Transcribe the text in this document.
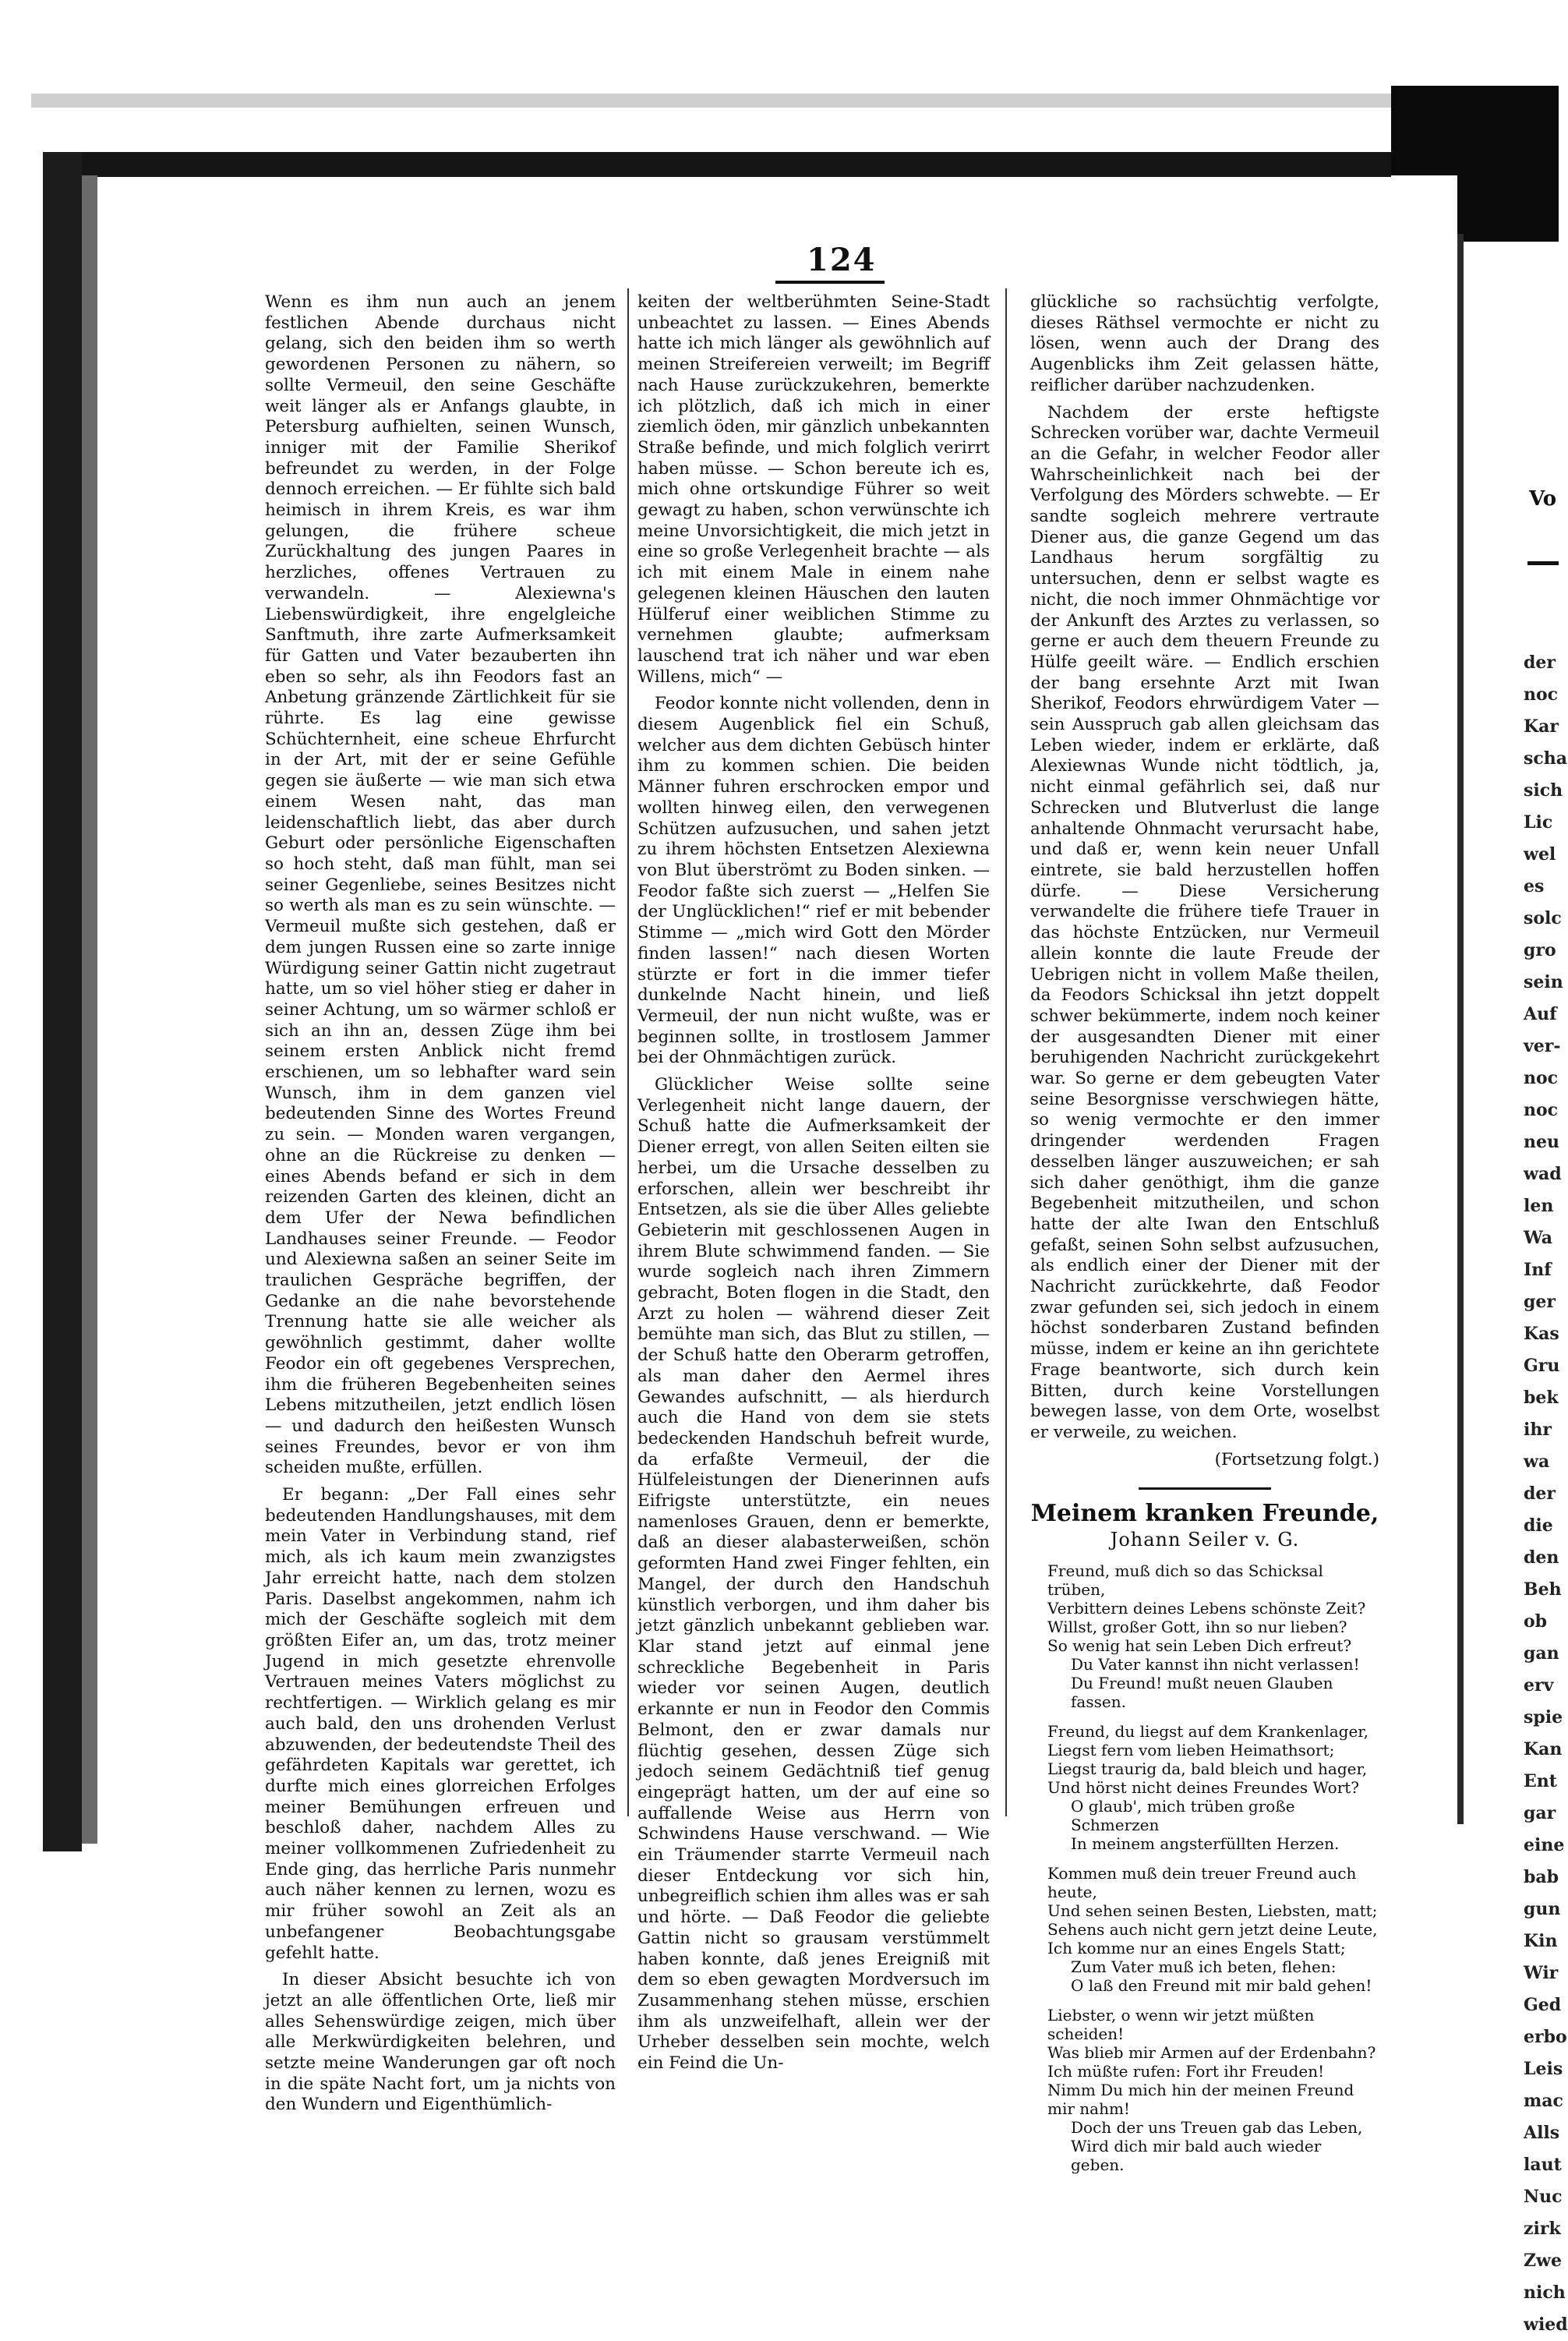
124

Wenn es ihm nun auch an jenem festlichen Abende durchaus nicht gelang, sich den beiden ihm so werth gewordenen Personen zu nähern, so sollte Vermeuil, den seine Geschäfte weit länger als er Anfangs glaubte, in Petersburg aufhielten, seinen Wunsch, inniger mit der Familie Sherikof befreundet zu werden, in der Folge dennoch erreichen. — Er fühlte sich bald heimisch in ihrem Kreis, es war ihm gelungen, die frühere scheue Zurückhaltung des jungen Paares in herzliches, offenes Vertrauen zu verwandeln. — Alexiewna's Liebenswürdigkeit, ihre engelgleiche Sanftmuth, ihre zarte Aufmerksamkeit für Gatten und Vater bezauberten ihn eben so sehr, als ihn Feodors fast an Anbetung gränzende Zärtlichkeit für sie rührte. Es lag eine gewisse Schüchternheit, eine scheue Ehrfurcht in der Art, mit der er seine Gefühle gegen sie äußerte — wie man sich etwa einem Wesen naht, das man leidenschaftlich liebt, das aber durch Geburt oder persönliche Eigenschaften so hoch steht, daß man fühlt, man sei seiner Gegenliebe, seines Besitzes nicht so werth als man es zu sein wünschte. — Vermeuil mußte sich gestehen, daß er dem jungen Russen eine so zarte innige Würdigung seiner Gattin nicht zugetraut hatte, um so viel höher stieg er daher in seiner Achtung, um so wärmer schloß er sich an ihn an, dessen Züge ihm bei seinem ersten Anblick nicht fremd erschienen, um so lebhafter ward sein Wunsch, ihm in dem ganzen viel bedeutenden Sinne des Wortes Freund zu sein. — Monden waren vergangen, ohne an die Rückreise zu denken — eines Abends befand er sich in dem reizenden Garten des kleinen, dicht an dem Ufer der Newa befindlichen Landhauses seiner Freunde. — Feodor und Alexiewna saßen an seiner Seite im traulichen Gespräche begriffen, der Gedanke an die nahe bevorstehende Trennung hatte sie alle weicher als gewöhnlich gestimmt, daher wollte Feodor ein oft gegebenes Versprechen, ihm die früheren Begebenheiten seines Lebens mitzutheilen, jetzt endlich lösen — und dadurch den heißesten Wunsch seines Freundes, bevor er von ihm scheiden mußte, erfüllen.

Er begann: „Der Fall eines sehr bedeutenden Handlungshauses, mit dem mein Vater in Verbindung stand, rief mich, als ich kaum mein zwanzigstes Jahr erreicht hatte, nach dem stolzen Paris. Daselbst angekommen, nahm ich mich der Geschäfte sogleich mit dem größten Eifer an, um das, trotz meiner Jugend in mich gesetzte ehrenvolle Vertrauen meines Vaters möglichst zu rechtfertigen. — Wirklich gelang es mir auch bald, den uns drohenden Verlust abzuwenden, der bedeutendste Theil des gefährdeten Kapitals war gerettet, ich durfte mich eines glorreichen Erfolges meiner Bemühungen erfreuen und beschloß daher, nachdem Alles zu meiner vollkommenen Zufriedenheit zu Ende ging, das herrliche Paris nunmehr auch näher kennen zu lernen, wozu es mir früher sowohl an Zeit als an unbefangener Beobachtungsgabe gefehlt hatte.

In dieser Absicht besuchte ich von jetzt an alle öffentlichen Orte, ließ mir alles Sehenswürdige zeigen, mich über alle Merkwürdigkeiten belehren, und setzte meine Wanderungen gar oft noch in die späte Nacht fort, um ja nichts von den Wundern und Eigenthümlich-

keiten der weltberühmten Seine-Stadt unbeachtet zu lassen. — Eines Abends hatte ich mich länger als gewöhnlich auf meinen Streifereien verweilt; im Begriff nach Hause zurückzukehren, bemerkte ich plötzlich, daß ich mich in einer ziemlich öden, mir gänzlich unbekannten Straße befinde, und mich folglich verirrt haben müsse. — Schon bereute ich es, mich ohne ortskundige Führer so weit gewagt zu haben, schon verwünschte ich meine Unvorsichtigkeit, die mich jetzt in eine so große Verlegenheit brachte — als ich mit einem Male in einem nahe gelegenen kleinen Häuschen den lauten Hülferuf einer weiblichen Stimme zu vernehmen glaubte; aufmerksam lauschend trat ich näher und war eben Willens, mich“ —

Feodor konnte nicht vollenden, denn in diesem Augenblick fiel ein Schuß, welcher aus dem dichten Gebüsch hinter ihm zu kommen schien. Die beiden Männer fuhren erschrocken empor und wollten hinweg eilen, den verwegenen Schützen aufzusuchen, und sahen jetzt zu ihrem höchsten Entsetzen Alexiewna von Blut überströmt zu Boden sinken. — Feodor faßte sich zuerst — „Helfen Sie der Unglücklichen!“ rief er mit bebender Stimme — „mich wird Gott den Mörder finden lassen!“ nach diesen Worten stürzte er fort in die immer tiefer dunkelnde Nacht hinein, und ließ Vermeuil, der nun nicht wußte, was er beginnen sollte, in trostlosem Jammer bei der Ohnmächtigen zurück.

Glücklicher Weise sollte seine Verlegenheit nicht lange dauern, der Schuß hatte die Aufmerksamkeit der Diener erregt, von allen Seiten eilten sie herbei, um die Ursache desselben zu erforschen, allein wer beschreibt ihr Entsetzen, als sie die über Alles geliebte Gebieterin mit geschlossenen Augen in ihrem Blute schwimmend fanden. — Sie wurde sogleich nach ihren Zimmern gebracht, Boten flogen in die Stadt, den Arzt zu holen — während dieser Zeit bemühte man sich, das Blut zu stillen, — der Schuß hatte den Oberarm getroffen, als man daher den Aermel ihres Gewandes aufschnitt, — als hierdurch auch die Hand von dem sie stets bedeckenden Handschuh befreit wurde, da erfaßte Vermeuil, der die Hülfeleistungen der Dienerinnen aufs Eifrigste unterstützte, ein neues namenloses Grauen, denn er bemerkte, daß an dieser alabasterweißen, schön geformten Hand zwei Finger fehlten, ein Mangel, der durch den Handschuh künstlich verborgen, und ihm daher bis jetzt gänzlich unbekannt geblieben war. Klar stand jetzt auf einmal jene schreckliche Begebenheit in Paris wieder vor seinen Augen, deutlich erkannte er nun in Feodor den Commis Belmont, den er zwar damals nur flüchtig gesehen, dessen Züge sich jedoch seinem Gedächtniß tief genug eingeprägt hatten, um der auf eine so auffallende Weise aus Herrn von Schwindens Hause verschwand. — Wie ein Träumender starrte Vermeuil nach dieser Entdeckung vor sich hin, unbegreiflich schien ihm alles was er sah und hörte. — Daß Feodor die geliebte Gattin nicht so grausam verstümmelt haben konnte, daß jenes Ereigniß mit dem so eben gewagten Mordversuch im Zusammenhang stehen müsse, erschien ihm als unzweifelhaft, allein wer der Urheber desselben sein mochte, welch ein Feind die Un-

glückliche so rachsüchtig verfolgte, dieses Räthsel vermochte er nicht zu lösen, wenn auch der Drang des Augenblicks ihm Zeit gelassen hätte, reiflicher darüber nachzudenken.

Nachdem der erste heftigste Schrecken vorüber war, dachte Vermeuil an die Gefahr, in welcher Feodor aller Wahrscheinlichkeit nach bei der Verfolgung des Mörders schwebte. — Er sandte sogleich mehrere vertraute Diener aus, die ganze Gegend um das Landhaus herum sorgfältig zu untersuchen, denn er selbst wagte es nicht, die noch immer Ohnmächtige vor der Ankunft des Arztes zu verlassen, so gerne er auch dem theuern Freunde zu Hülfe geeilt wäre. — Endlich erschien der bang ersehnte Arzt mit Iwan Sherikof, Feodors ehrwürdigem Vater — sein Ausspruch gab allen gleichsam das Leben wieder, indem er erklärte, daß Alexiewnas Wunde nicht tödtlich, ja, nicht einmal gefährlich sei, daß nur Schrecken und Blutverlust die lange anhaltende Ohnmacht verursacht habe, und daß er, wenn kein neuer Unfall eintrete, sie bald herzustellen hoffen dürfe. — Diese Versicherung verwandelte die frühere tiefe Trauer in das höchste Entzücken, nur Vermeuil allein konnte die laute Freude der Uebrigen nicht in vollem Maße theilen, da Feodors Schicksal ihn jetzt doppelt schwer bekümmerte, indem noch keiner der ausgesandten Diener mit einer beruhigenden Nachricht zurückgekehrt war. So gerne er dem gebeugten Vater seine Besorgnisse verschwiegen hätte, so wenig vermochte er den immer dringender werdenden Fragen desselben länger auszuweichen; er sah sich daher genöthigt, ihm die ganze Begebenheit mitzutheilen, und schon hatte der alte Iwan den Entschluß gefaßt, seinen Sohn selbst aufzusuchen, als endlich einer der Diener mit der Nachricht zurückkehrte, daß Feodor zwar gefunden sei, sich jedoch in einem höchst sonderbaren Zustand befinden müsse, indem er keine an ihn gerichtete Frage beantworte, sich durch kein Bitten, durch keine Vorstellungen bewegen lasse, von dem Orte, woselbst er verweile, zu weichen.

(Fortsetzung folgt.)
Meinem kranken Freunde,
Johann Seiler v. G.
Freund, muß dich so das Schicksal trüben,
Verbittern deines Lebens schönste Zeit?
Willst, großer Gott, ihn so nur lieben?
So wenig hat sein Leben Dich erfreut?
Du Vater kannst ihn nicht verlassen!
Du Freund! mußt neuen Glauben fassen.
Freund, du liegst auf dem Krankenlager,
Liegst fern vom lieben Heimathsort;
Liegst traurig da, bald bleich und hager,
Und hörst nicht deines Freundes Wort?
O glaub', mich trüben große Schmerzen
In meinem angsterfüllten Herzen.
Kommen muß dein treuer Freund auch heute,
Und sehen seinen Besten, Liebsten, matt;
Sehens auch nicht gern jetzt deine Leute,
Ich komme nur an eines Engels Statt;
Zum Vater muß ich beten, flehen:
O laß den Freund mit mir bald gehen!
Liebster, o wenn wir jetzt müßten scheiden!
Was blieb mir Armen auf der Erdenbahn?
Ich müßte rufen: Fort ihr Freuden!
Nimm Du mich hin der meinen Freund mir nahm!
Doch der uns Treuen gab das Leben,
Wird dich mir bald auch wieder geben.
Vo
der
noc
Kar
scha
sich
Lic
wel
es
solc
gro
sein
Auf
ver-
noc
noc
neu
wad
len
Wa
Inf
ger
Kas
Gru
bek
ihr
wa
der
die
den
Beh
ob
gan
erv
spie
Kan
Ent
gar
eine
bab
gun
Kin
Wir
Ged
erbo
Leis
mac
Alls
laut
Nuc
zirk
Zwe
nich
wied
